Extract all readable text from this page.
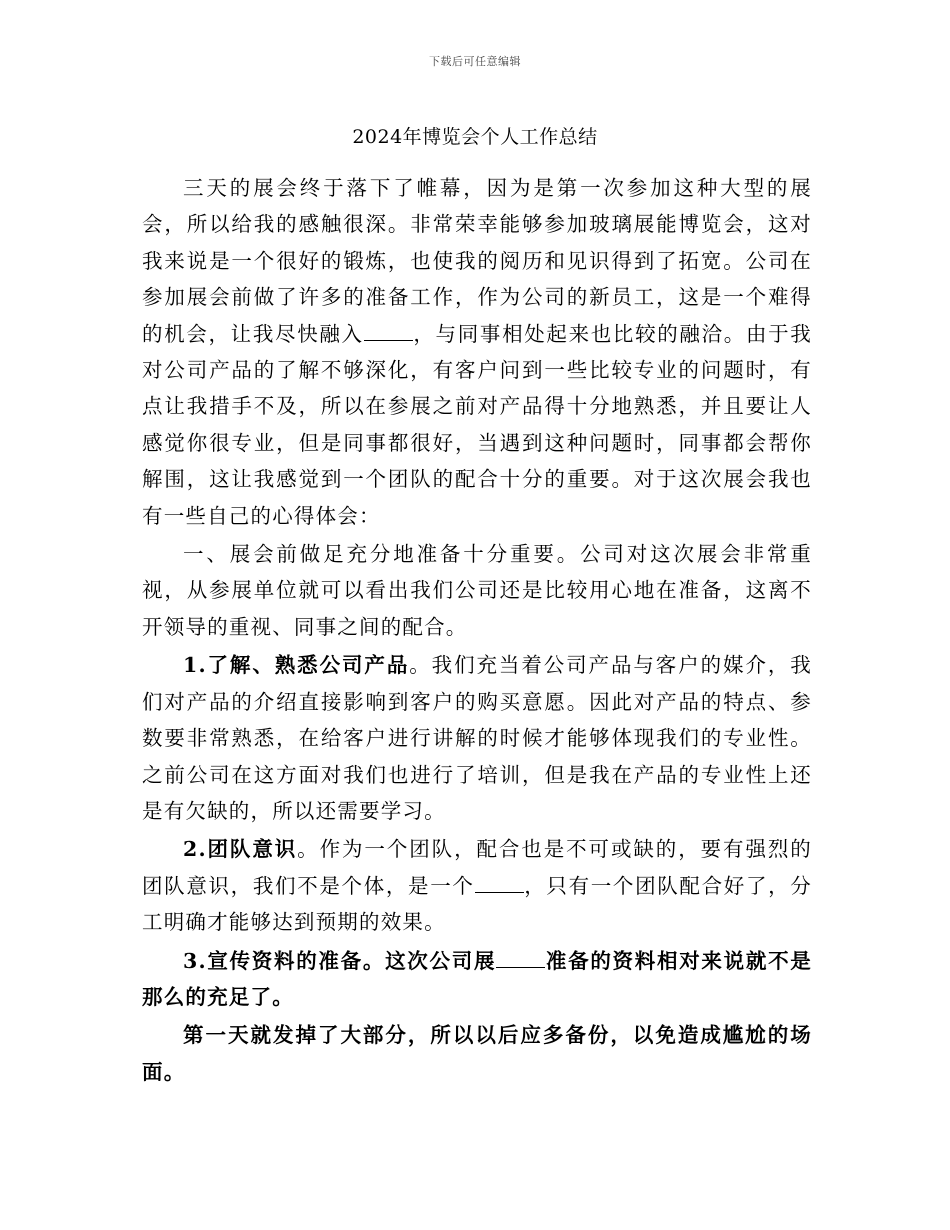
下载后可任意编辑
2024年博览会个人工作总结

三天的展会终于落下了帷幕，因为是第一次参加这种大型的展会，所以给我的感触很深。非常荣幸能够参加玻璃展能博览会，这对我来说是一个很好的锻炼，也使我的阅历和见识得到了拓宽。公司在参加展会前做了许多的准备工作，作为公司的新员工，这是一个难得的机会，让我尽快融入 ，与同事相处起来也比较的融洽。由于我对公司产品的了解不够深化，有客户问到一些比较专业的问题时，有点让我措手不及，所以在参展之前对产品得十分地熟悉，并且要让人感觉你很专业，但是同事都很好，当遇到这种问题时，同事都会帮你解围，这让我感觉到一个团队的配合十分的重要。对于这次展会我也有一些自己的心得体会：

一、展会前做足充分地准备十分重要。公司对这次展会非常重视，从参展单位就可以看出我们公司还是比较用心地在准备，这离不开领导的重视、同事之间的配合。

1.了解、熟悉公司产品。我们充当着公司产品与客户的媒介，我们对产品的介绍直接影响到客户的购买意愿。因此对产品的特点、参数要非常熟悉，在给客户进行讲解的时候才能够体现我们的专业性。之前公司在这方面对我们也进行了培训，但是我在产品的专业性上还是有欠缺的，所以还需要学习。

2.团队意识。作为一个团队，配合也是不可或缺的，要有强烈的团队意识，我们不是个体，是一个 ，只有一个团队配合好了，分工明确才能够达到预期的效果。

3.宣传资料的准备。这次公司展 准备的资料相对来说就不是那么的充足了。

第一天就发掉了大部分，所以以后应多备份，以免造成尴尬的场面。
